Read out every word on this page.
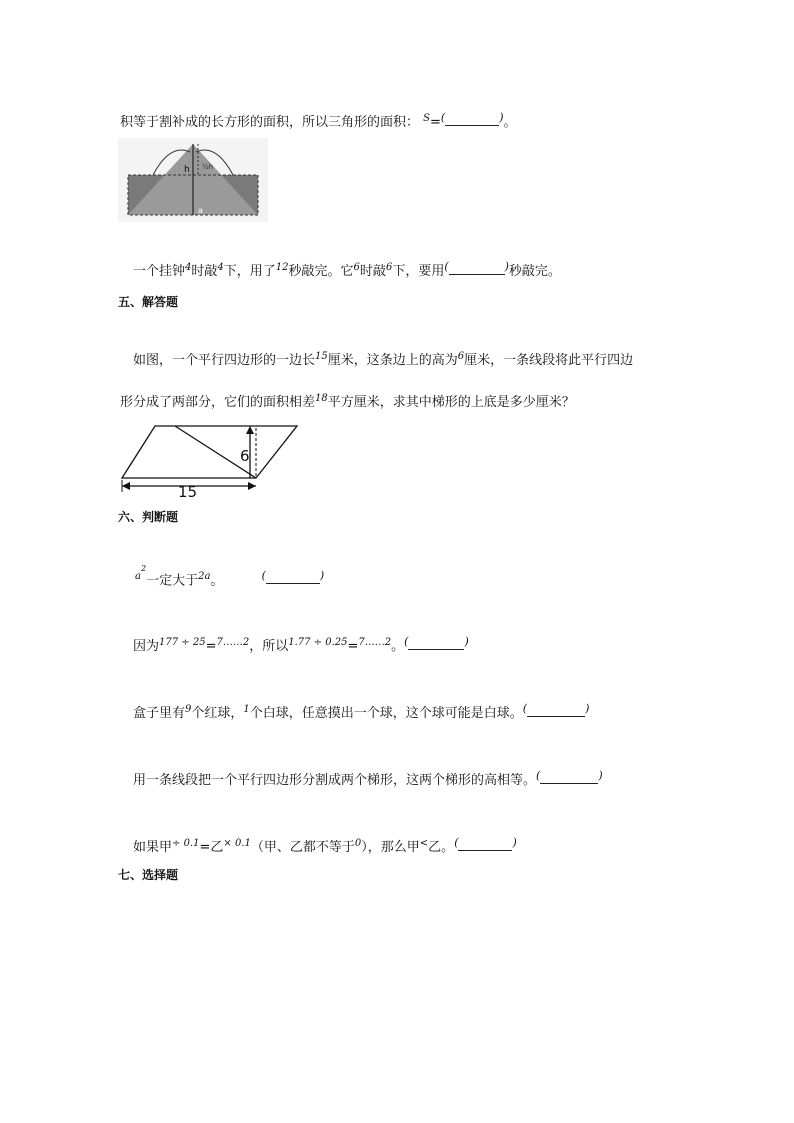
积等于割补成的长方形的面积，所以三角形的面积： $^S$=(	)。
h ½h
a
一个挂钟$^4$时敲$^4$下，用了$^{12}$秒敲完。它$^6$时敲$^6$下，要用(	)秒敲完。
五、解答题
如图，一个平行四边形的一边长$^{15}$厘米，这条边上的高为$^6$厘米，一条线段将此平行四边
形分成了两部分，它们的面积相差$^{18}$平方厘米，求其中梯形的上底是多少厘米？
6
15
六、判断题
$^{a2}$一定大于$^{2a}$。	(	)
因为$^{177 \div 25}$=$^{7\dots\dots 2}$，所以$^{1.77 \div 0.25}$=$^{7\dots\dots 2}$。(	)
盒子里有$^9$个红球，$^1$个白球，任意摸出一个球，这个球可能是白球。(	)
用一条线段把一个平行四边形分割成两个梯形，这两个梯形的高相等。(	)
如果甲$^{\div 0.1}$=乙$^{\times 0.1}$（甲、乙都不等于$^0$），那么甲<乙。(	)
七、选择题
